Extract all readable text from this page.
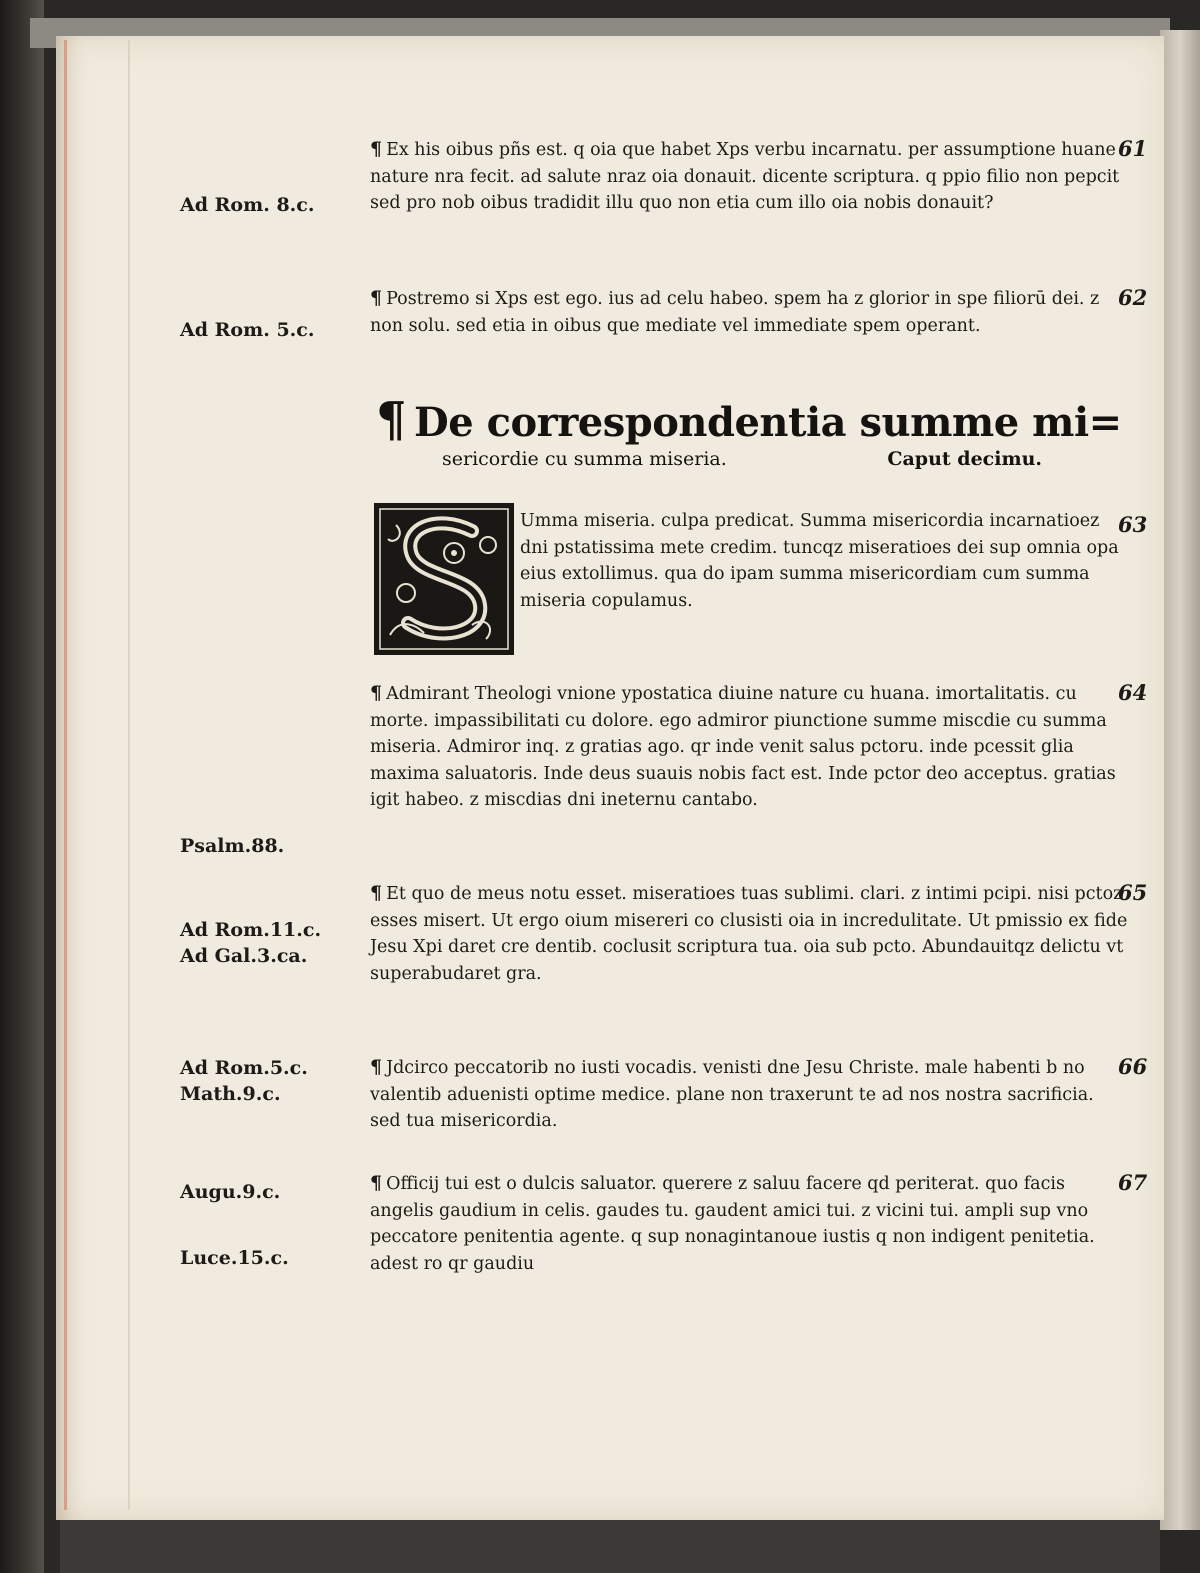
Ad Rom. 8.c.
Ad Rom. 5.c.
Psalm.88.
Ad Rom.11.c.
Ad Gal.3.ca.
Ad Rom.5.c.
Math.9.c.
Augu.9.c.
Luce.15.c.
¶ Ex his oibus pñs est. q oia que habet Xps verbu incarnatu. per assumptione huane nature nra fecit. ad salute nraz oia donauit. dicente scriptura. q ppio filio non pepcit sed pro nob oibus tradidit illu quo non etia cum illo oia nobis donauit?
61
¶ Postremo si Xps est ego. ius ad celu habeo. spem ha z glorior in spe filiorū dei. z non solu. sed etia in oibus que mediate vel immediate spem operant.
62
¶ De correspondentia summe mi=
sericordie cu summa miseria.	Caput decimu.
Umma miseria. culpa predicat. Summa misericordia incarnatioez dni pstatissima mete credim. tuncqz miseratioes dei sup omnia opa eius extollimus. qua do ipam summa misericordiam cum summa miseria copulamus.
63
¶ Admirant Theologi vnione ypostatica diuine nature cu huana. imortalitatis. cu morte. impassibilitati cu dolore. ego admiror piunctione summe miscdie cu summa miseria. Admiror inq. z gratias ago. qr inde venit salus pctoru. inde pcessit glia maxima saluatoris. Inde deus suauis nobis fact est. Inde pctor deo acceptus. gratias igit habeo. z miscdias dni ineternu cantabo.
64
¶ Et quo de meus notu esset. miseratioes tuas sublimi. clari. z intimi pcipi. nisi pctoz esses misert. Ut ergo oium misereri co clusisti oia in incredulitate. Ut pmissio ex fide Jesu Xpi daret cre dentib. coclusit scriptura tua. oia sub pcto. Abundauitqz delictu vt superabudaret gra.
65
¶ Jdcirco peccatorib no iusti vocadis. venisti dne Jesu Christe. male habenti b no valentib aduenisti optime medice. plane non traxerunt te ad nos nostra sacrificia. sed tua misericordia.
66
¶ Officij tui est o dulcis saluator. querere z saluu facere qd periterat. quo facis angelis gaudium in celis. gaudes tu. gaudent amici tui. z vicini tui. ampli sup vno peccatore penitentia agente. q sup nonagintanoue iustis q non indigent penitetia. adest ro qr gaudiu
67
